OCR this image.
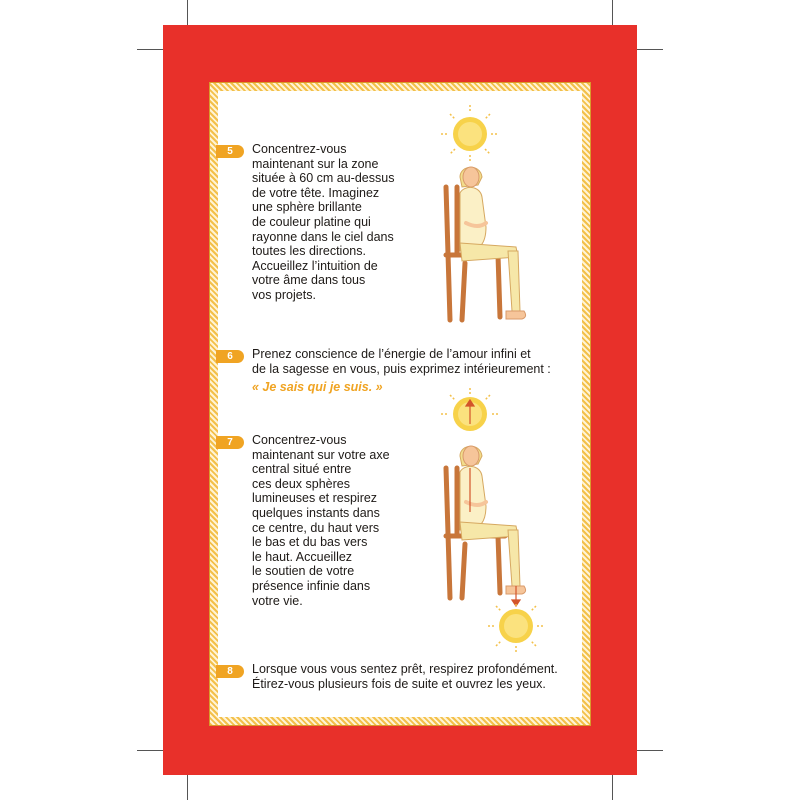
5	Concentrez-vous
maintenant sur la zone
située à 60 cm au-dessus
de votre tête. Imaginez
une sphère brillante
de couleur platine qui
rayonne dans le ciel dans
toutes les directions.
Accueillez l’intuition de
votre âme dans tous
vos projets.
6	Prenez conscience de l’énergie de l’amour infini et
de la sagesse en vous, puis exprimez intérieurement :
« Je sais qui je suis. »
7	Concentrez-vous
maintenant sur votre axe
central situé entre
ces deux sphères
lumineuses et respirez
quelques instants dans
ce centre, du haut vers
le bas et du bas vers
le haut. Accueillez
le soutien de votre
présence infinie dans
votre vie.
8	Lorsque vous vous sentez prêt, respirez profondément.
Étirez-vous plusieurs fois de suite et ouvrez les yeux.
